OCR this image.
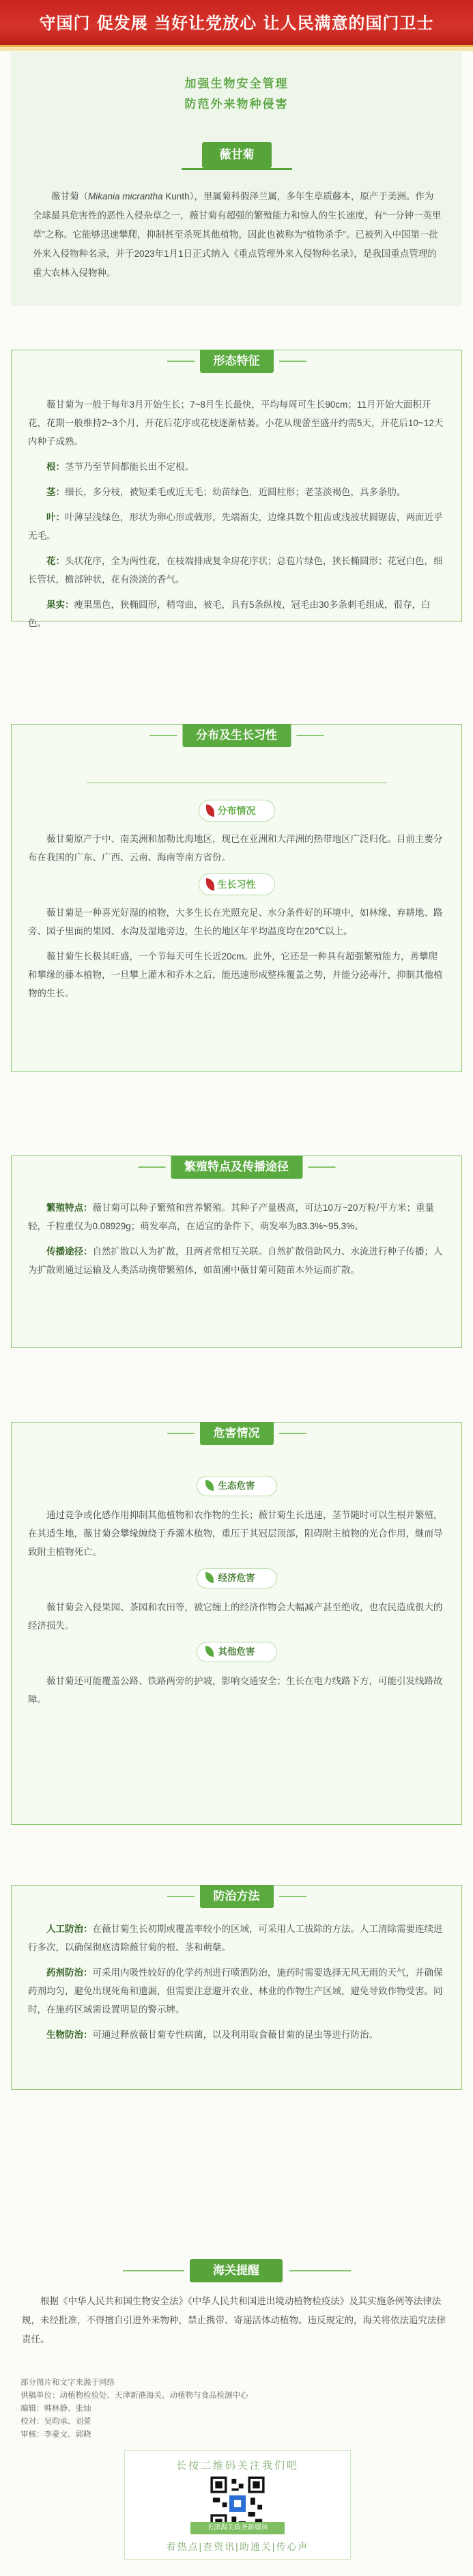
守国门 促发展 当好让党放心 让人民满意的国门卫士
加强生物安全管理
防范外来物种侵害
薇甘菊
薇甘菊（Mikania micrantha Kunth），里属菊科假泽兰属，多年生草质藤本，原产于美洲。作为全球最具危害性的恶性入侵杂草之一，薇甘菊有超强的繁殖能力和惊人的生长速度，有“一分钟一英里草”之称。它能够迅速攀爬，抑制甚至杀死其他植物，因此也被称为“植物杀手”。已被列入中国第一批外来入侵物种名录，并于2023年1月1日正式纳入《重点管理外来入侵物种名录》，是我国重点管理的重大农林入侵物种。
形态特征

薇甘菊为一般于每年3月开始生长；7~8月生长最快，平均每周可生长90cm；11月开始大面积开花，花期一般维持2~3个月，开花后花序或花枝逐渐枯萎。小花从现蕾至盛开约需5天，开花后10~12天内种子成熟。

根：茎节乃至节间都能长出不定根。

茎：细长，多分枝，被短柔毛或近无毛；幼苗绿色，近圆柱形；老茎淡褐色，具多条肋。

叶：叶薄呈浅绿色，形状为卵心形或戟形，先端渐尖，边缘具数个粗齿或浅波状圆锯齿，两面近乎无毛。

花：头状花序，全为两性花，在枝端排成复伞房花序状；总苞片绿色，狭长椭圆形；花冠白色，细长管状，檐部钟状，花有淡淡的香气。

果实：瘦果黑色，狭椭圆形，稍弯曲，被毛，具有5条纵棱，冠毛由30多条刺毛组成，很存，白色。

分布及生长习性
分布情况

薇甘菊原产于中、南美洲和加勒比海地区，现已在亚洲和大洋洲的热带地区广泛归化。目前主要分布在我国的广东、广西、云南、海南等南方省份。

生长习性

薇甘菊是一种喜光好湿的植物，大多生长在光照充足、水分条件好的环境中，如林缘、弃耕地、路旁、园子里面的果园、水沟及湿地旁边，生长的地区年平均温度均在20℃以上。

薇甘菊生长极其旺盛，一个节每天可生长近20cm。此外，它还是一种具有超强繁殖能力，善攀爬和攀缘的藤本植物，一旦攀上灌木和乔木之后，能迅速形成整株覆盖之势，并能分泌毒汁，抑制其他植物的生长。

繁殖特点及传播途径

繁殖特点：薇甘菊可以种子繁殖和营养繁殖。其种子产量极高，可达10万~20万粒/平方米；重量轻，千粒重仅为0.08929g；萌发率高，在适宜的条件下，萌发率为83.3%~95.3%。

传播途径：自然扩散以人为扩散，且两者常相互关联。自然扩散借助风力、水流进行种子传播；人为扩散则通过运输及人类活动携带繁殖体，如苗圃中薇甘菊可随苗木外运而扩散。

危害情况
生态危害

通过竞争或化感作用抑制其他植物和农作物的生长；薇甘菊生长迅速，茎节随时可以生根并繁殖，在其适生地，薇甘菊会攀缘缠绕于乔灌木植物，重压于其冠层顶部，阻碍附主植物的光合作用，继而导致附主植物死亡。

经济危害

薇甘菊会入侵果园、茶园和农田等，被它缠上的经济作物会大幅减产甚至绝收，也农民造成很大的经济损失。

其他危害

薇甘菊还可能覆盖公路、铁路两旁的护坡，影响交通安全；生长在电力线路下方，可能引发线路故障。

防治方法

人工防治：在薇甘菊生长初期或覆盖率较小的区域，可采用人工拔除的方法。人工清除需要连续进行多次，以确保彻底清除薇甘菊的根、茎和萌蘖。

药剂防治：可采用内吸性较好的化学药剂进行喷洒防治，施药时需要选择无风无雨的天气，并确保药剂均匀，避免出现死角和遗漏，但需要注意避开农业、林业的作物生产区域，避免导致作物受害。同时，在施药区域需设置明显的警示牌。

生物防治：可通过释放薇甘菊专性病菌，以及利用取食薇甘菊的昆虫等进行防治。

海关提醒
根据《中华人民共和国生物安全法》《中华人民共和国进出境动植物检疫法》及其实施条例等法律法规，未经批准，不得擅自引进外来物种，禁止携带、寄递活体动植物。违反规定的，海关将依法追究法律责任。
部分图片和文字来源于网络
供稿单位：动植物检验处、天津新港海关、动植物与食品检测中心
编辑：韩林静、张灿
校对：吴昀承、刘蕾
审核：李豪文、郭晓
长按二维码关注我们吧
天津海关政务新媒体
看热点|查资讯|助通关|传心声
